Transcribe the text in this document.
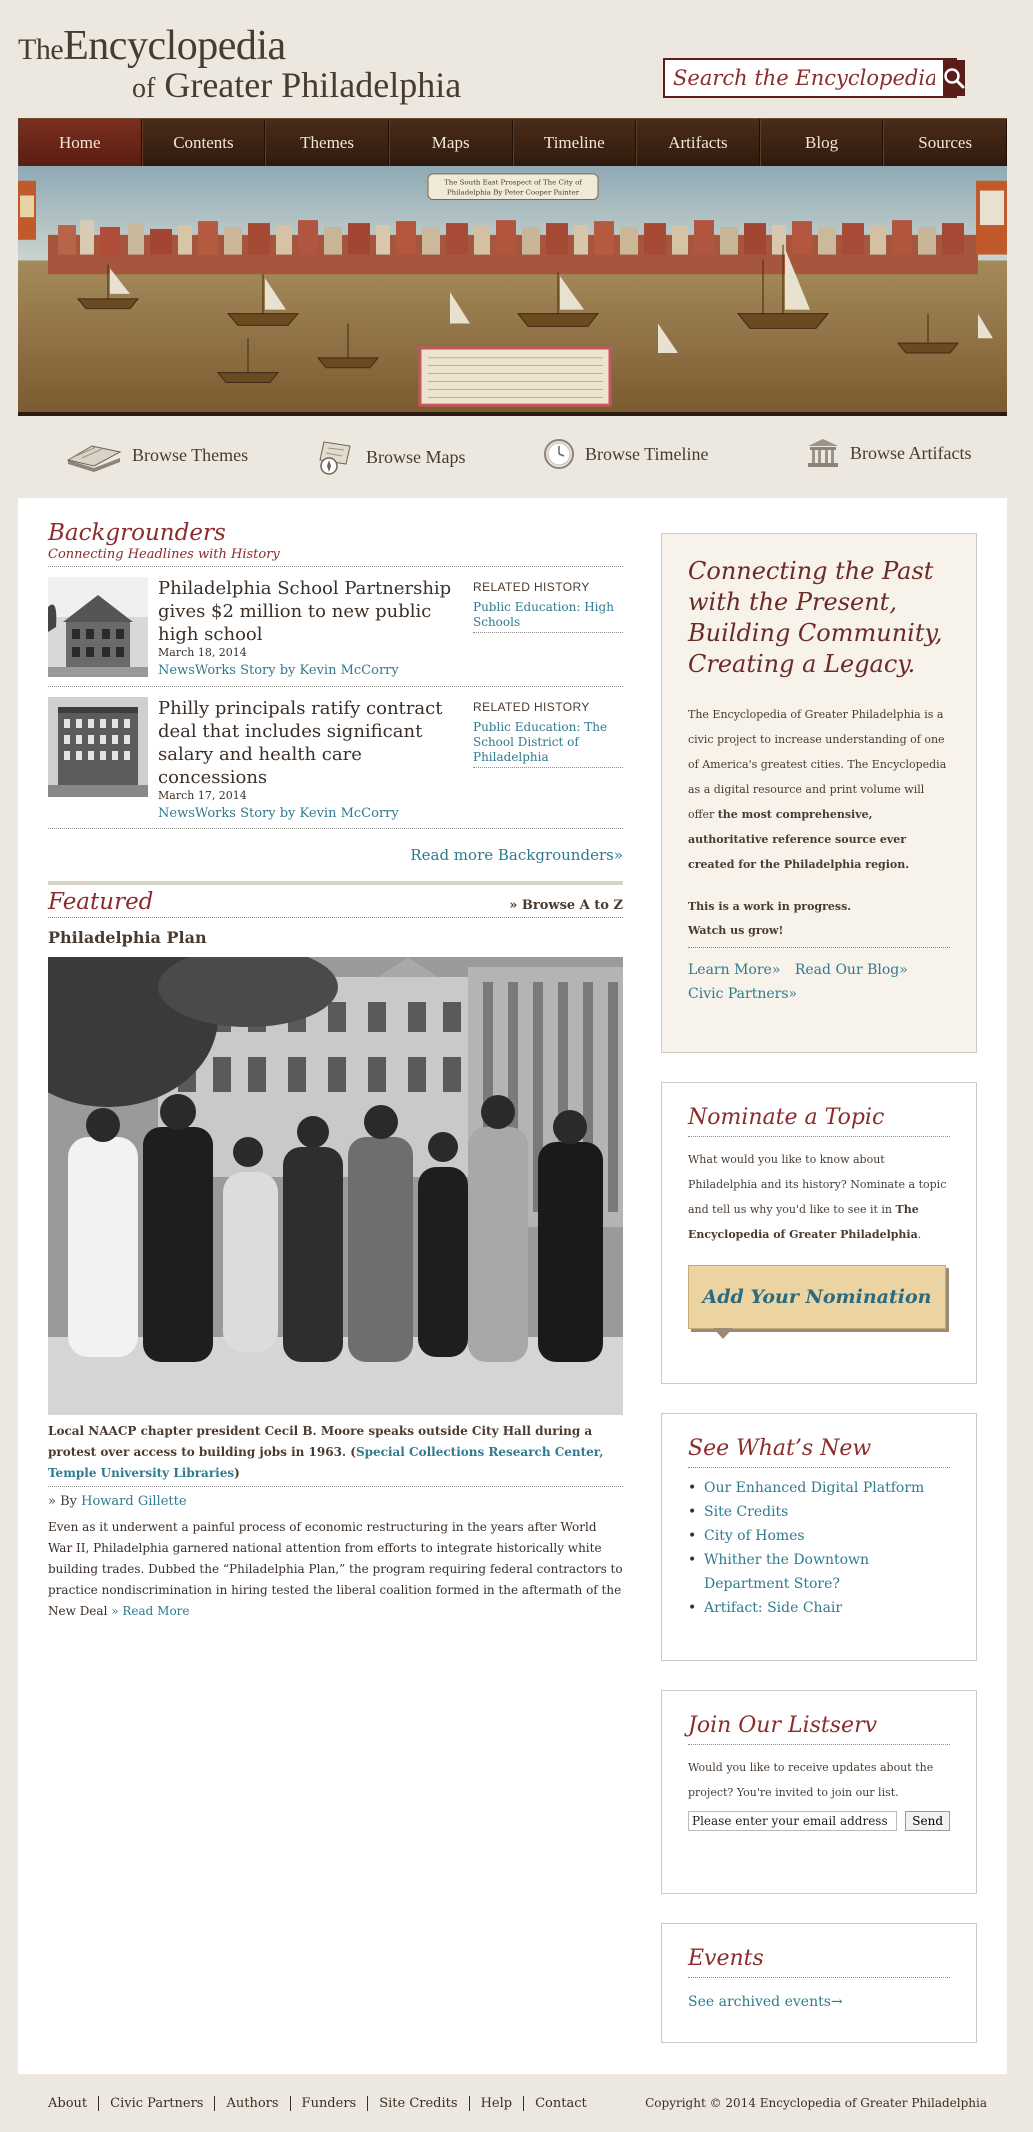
TheEncyclopedia
of Greater Philadelphia
Search the Encyclopedia
Home	Contents	Themes	Maps	Timeline	Artifacts	Blog	Sources
The South East Prospect of The City of
Philadelphia By Peter Cooper Painter
Browse Themes	Browse Maps	Browse Timeline	Browse Artifacts
Backgrounders
Connecting Headlines with History
Philadelphia School Partnership gives $2 million to new public high school
March 18, 2014
NewsWorks Story by Kevin McCorry
RELATED HISTORY
Public Education: High Schools
Philly principals ratify contract deal that includes significant salary and health care concessions
March 17, 2014
NewsWorks Story by Kevin McCorry
RELATED HISTORY
Public Education: The School District of Philadelphia
Read more Backgrounders»
Featured	» Browse A to Z
Philadelphia Plan
Local NAACP chapter president Cecil B. Moore speaks outside City Hall during a protest over access to building jobs in 1963. (Special Collections Research Center, Temple University Libraries)
» By Howard Gillette
Even as it underwent a painful process of economic restructuring in the years after World War II, Philadelphia garnered national attention from efforts to integrate historically white building trades. Dubbed the “Philadelphia Plan,” the program requiring federal contractors to practice nondiscrimination in hiring tested the liberal coalition formed in the aftermath of the New Deal » Read More
Connecting the Past with the Present, Building Community, Creating a Legacy.
The Encyclopedia of Greater Philadelphia is a civic project to increase understanding of one of America's greatest cities. The Encyclopedia as a digital resource and print volume will offer the most comprehensive, authoritative reference source ever created for the Philadelphia region.
This is a work in progress.
Watch us grow!
Learn More» Read Our Blog»
Civic Partners»
Nominate a Topic
What would you like to know about Philadelphia and its history? Nominate a topic and tell us why you'd like to see it in The Encyclopedia of Greater Philadelphia.
Add Your Nomination
See What’s New
• Our Enhanced Digital Platform
• Site Credits
• City of Homes
• Whither the Downtown Department Store?
• Artifact: Side Chair
Join Our Listserv
Would you like to receive updates about the project? You're invited to join our list.
Please enter your email address
Send
Events
See archived events→
About	Civic Partners	Authors	Funders	Site Credits	Help	Contact	Copyright © 2014 Encyclopedia of Greater Philadelphia
